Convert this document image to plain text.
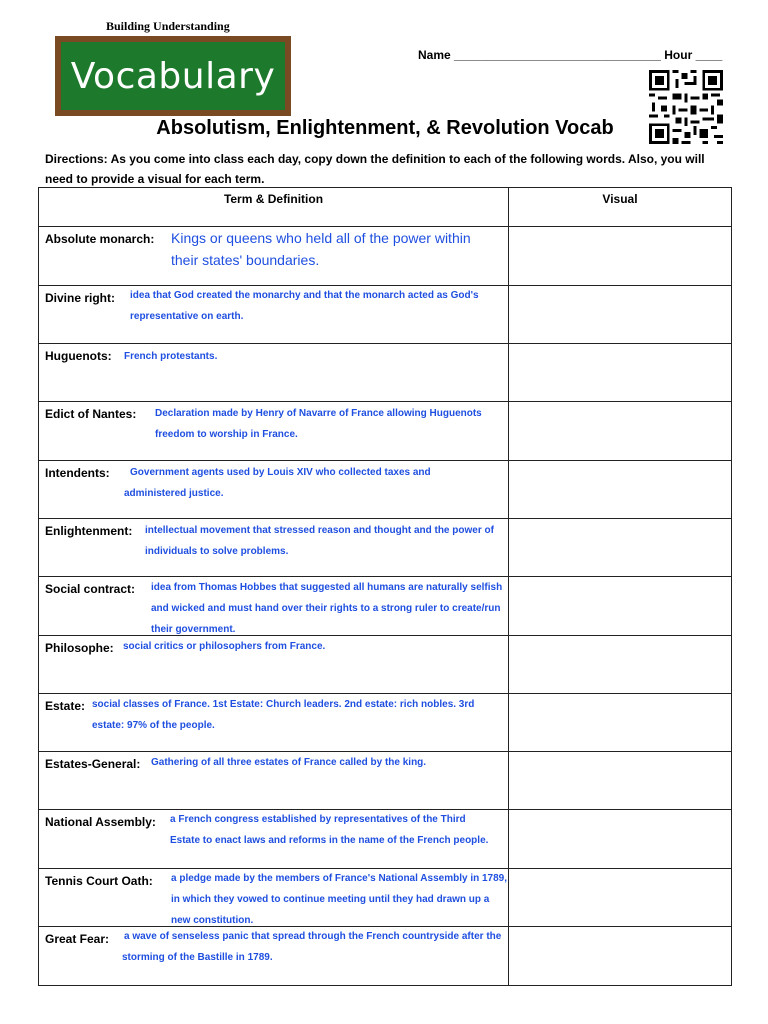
Building Understanding
Vocabulary
Name _______________________________ Hour ____
Absolutism, Enlightenment, & Revolution Vocab
Directions: As you come into class each day, copy down the definition to each of the following words. Also, you will need to provide a visual for each term.
Term & Definition	Visual

Absolute monarch: Kings or queens who held all of the power within their states' boundaries.	

Divine right: idea that God created the monarchy and that the monarch acted as God's representative on earth.	

Huguenots: French protestants.	

Edict of Nantes: Declaration made by Henry of Navarre of France allowing Huguenots freedom to worship in France.	

Intendents: Government agents used by Louis XIV who collected taxes and administered justice.	

Enlightenment: intellectual movement that stressed reason and thought and the power of individuals to solve problems.	

Social contract: idea from Thomas Hobbes that suggested all humans are naturally selfish and wicked and must hand over their rights to a strong ruler to create/run their government.	

Philosophe: social critics or philosophers from France.	

Estate: social classes of France. 1st Estate: Church leaders. 2nd estate: rich nobles. 3rd estate: 97% of the people.	

Estates-General: Gathering of all three estates of France called by the king.	

National Assembly: a French congress established by representatives of the Third Estate to enact laws and reforms in the name of the French people.	

Tennis Court Oath: a pledge made by the members of France's National Assembly in 1789, in which they vowed to continue meeting until they had drawn up a new constitution.	

Great Fear: a wave of senseless panic that spread through the French countryside after the storming of the Bastille in 1789.	
